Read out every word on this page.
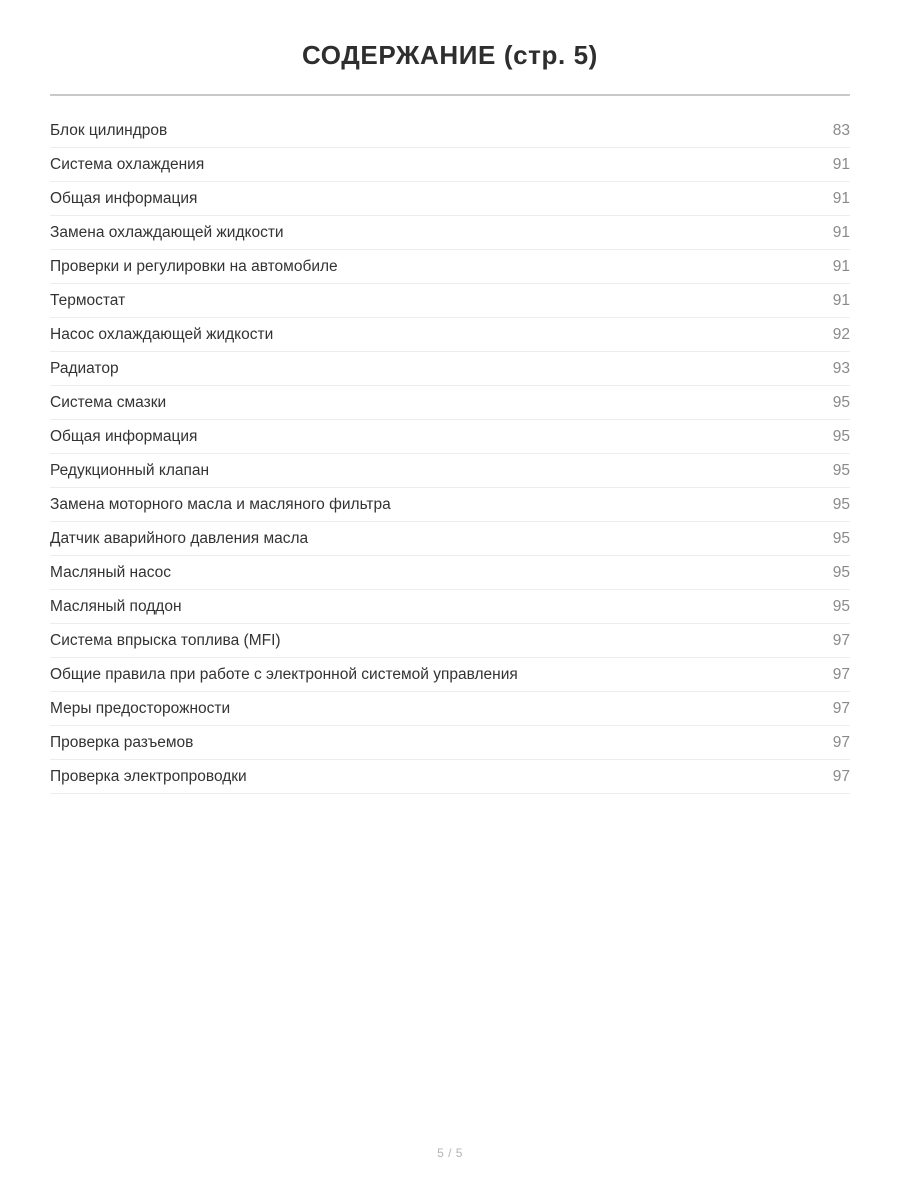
СОДЕРЖАНИЕ (стр. 5)
Блок цилиндров	83
Система охлаждения	91
Общая информация	91
Замена охлаждающей жидкости	91
Проверки и регулировки на автомобиле	91
Термостат	91
Насос охлаждающей жидкости	92
Радиатор	93
Система смазки	95
Общая информация	95
Редукционный клапан	95
Замена моторного масла и масляного фильтра	95
Датчик аварийного давления масла	95
Масляный насос	95
Масляный поддон	95
Система впрыска топлива (MFI)	97
Общие правила при работе с электронной системой управления	97
Меры предосторожности	97
Проверка разъемов	97
Проверка электропроводки	97
5 / 5
